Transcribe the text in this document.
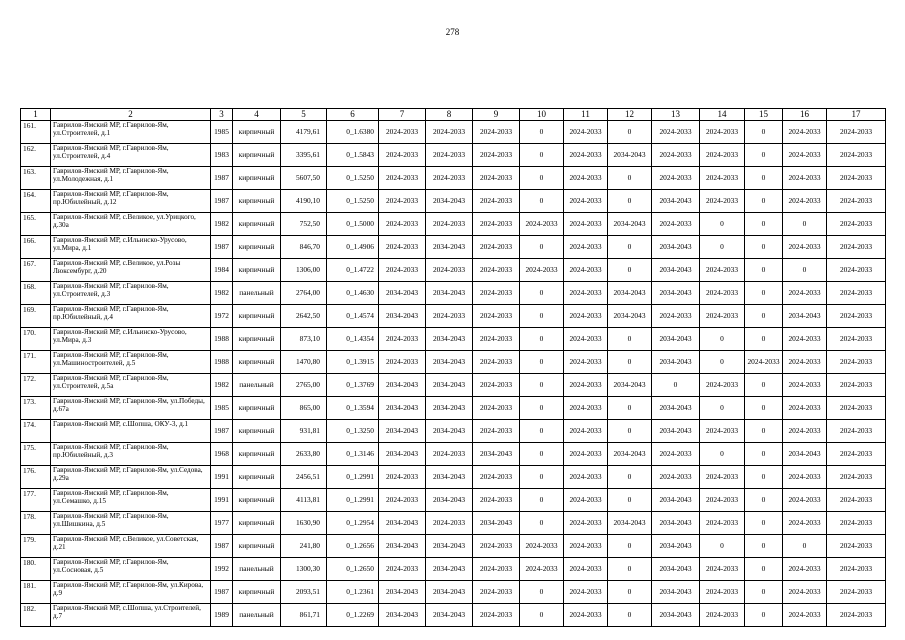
278
1	2	3	4	5	6	7	8	9	10	11	12	13	14	15	16	17
161.	Гаврилов-Ямский МР, г.Гаврилов-Ям, ул.Строителей, д.1	1985	кирпичный	4179,61	0_1.6380	2024-2033	2024-2033	2024-2033	0	2024-2033	0	2024-2033	2024-2033	0	2024-2033	2024-2033
162.	Гаврилов-Ямский МР, г.Гаврилов-Ям, ул.Строителей, д.4	1983	кирпичный	3395,61	0_1.5843	2024-2033	2024-2033	2024-2033	0	2024-2033	2034-2043	2024-2033	2024-2033	0	2024-2033	2024-2033
163.	Гаврилов-Ямский МР, г.Гаврилов-Ям, ул.Молодежная, д.1	1987	кирпичный	5607,50	0_1.5250	2024-2033	2024-2033	2024-2033	0	2024-2033	0	2024-2033	2024-2033	0	2024-2033	2024-2033
164.	Гаврилов-Ямский МР, г.Гаврилов-Ям, пр.Юбилейный, д.12	1987	кирпичный	4190,10	0_1.5250	2024-2033	2034-2043	2024-2033	0	2024-2033	0	2034-2043	2024-2033	0	2024-2033	2024-2033
165.	Гаврилов-Ямский МР, с.Великое, ул.Урицкого, д.30а	1982	кирпичный	752,50	0_1.5000	2024-2033	2024-2033	2024-2033	2024-2033	2024-2033	2034-2043	2024-2033	0	0	0	2024-2033
166.	Гаврилов-Ямский МР, с.Ильинско-Урусово, ул.Мира, д.1	1987	кирпичный	846,70	0_1.4906	2024-2033	2034-2043	2024-2033	0	2024-2033	0	2034-2043	0	0	2024-2033	2024-2033
167.	Гаврилов-Ямский МР, с.Великое, ул.Розы Люксембург, д.20	1984	кирпичный	1306,00	0_1.4722	2024-2033	2024-2033	2024-2033	2024-2033	2024-2033	0	2034-2043	2024-2033	0	0	2024-2033
168.	Гаврилов-Ямский МР, г.Гаврилов-Ям, ул.Строителей, д.3	1982	панельный	2764,00	0_1.4630	2034-2043	2034-2043	2024-2033	0	2024-2033	2034-2043	2034-2043	2024-2033	0	2024-2033	2024-2033
169.	Гаврилов-Ямский МР, г.Гаврилов-Ям, пр.Юбилейный, д.4	1972	кирпичный	2642,50	0_1.4574	2034-2043	2024-2033	2024-2033	0	2024-2033	2034-2043	2024-2033	2024-2033	0	2034-2043	2024-2033
170.	Гаврилов-Ямский МР, с.Ильинско-Урусово, ул.Мира, д.3	1988	кирпичный	873,10	0_1.4354	2024-2033	2034-2043	2024-2033	0	2024-2033	0	2034-2043	0	0	2024-2033	2024-2033
171.	Гаврилов-Ямский МР, г.Гаврилов-Ям, ул.Машиностроителей, д.5	1988	кирпичный	1470,80	0_1.3915	2024-2033	2034-2043	2024-2033	0	2024-2033	0	2034-2043	0	2024-2033	2024-2033	2024-2033
172.	Гаврилов-Ямский МР, г.Гаврилов-Ям, ул.Строителей, д.5а	1982	панельный	2765,00	0_1.3769	2034-2043	2034-2043	2024-2033	0	2024-2033	2034-2043	0	2024-2033	0	2024-2033	2024-2033
173.	Гаврилов-Ямский МР, г.Гаврилов-Ям, ул.Победы, д.67а	1985	кирпичный	865,00	0_1.3594	2034-2043	2034-2043	2024-2033	0	2024-2033	0	2034-2043	0	0	2024-2033	2024-2033
174.	Гаврилов-Ямский МР, с.Шопша, ОКУ-3, д.1	1987	кирпичный	931,81	0_1.3250	2034-2043	2034-2043	2024-2033	0	2024-2033	0	2034-2043	2024-2033	0	2024-2033	2024-2033
175.	Гаврилов-Ямский МР, г.Гаврилов-Ям, пр.Юбилейный, д.3	1968	кирпичный	2633,80	0_1.3146	2034-2043	2024-2033	2034-2043	0	2024-2033	2034-2043	2024-2033	0	0	2034-2043	2024-2033
176.	Гаврилов-Ямский МР, г.Гаврилов-Ям, ул.Седова, д.29а	1991	кирпичный	2456,51	0_1.2991	2024-2033	2034-2043	2024-2033	0	2024-2033	0	2024-2033	2024-2033	0	2024-2033	2024-2033
177.	Гаврилов-Ямский МР, г.Гаврилов-Ям, ул.Семашко, д.15	1991	кирпичный	4113,81	0_1.2991	2024-2033	2034-2043	2024-2033	0	2024-2033	0	2034-2043	2024-2033	0	2024-2033	2024-2033
178.	Гаврилов-Ямский МР, г.Гаврилов-Ям, ул.Шишкина, д.5	1977	кирпичный	1630,90	0_1.2954	2034-2043	2024-2033	2034-2043	0	2024-2033	2034-2043	2034-2043	2024-2033	0	2024-2033	2024-2033
179.	Гаврилов-Ямский МР, с.Великое, ул.Советская, д.21	1987	кирпичный	241,80	0_1.2656	2034-2043	2034-2043	2024-2033	2024-2033	2024-2033	0	2034-2043	0	0	0	2024-2033
180.	Гаврилов-Ямский МР, г.Гаврилов-Ям, ул.Сосновая, д.5	1992	панельный	1300,30	0_1.2650	2024-2033	2034-2043	2024-2033	2024-2033	2024-2033	0	2034-2043	2024-2033	0	2024-2033	2024-2033
181.	Гаврилов-Ямский МР, г.Гаврилов-Ям, ул.Кирова, д.9	1987	кирпичный	2093,51	0_1.2361	2034-2043	2034-2043	2024-2033	0	2024-2033	0	2034-2043	2024-2033	0	2024-2033	2024-2033
182.	Гаврилов-Ямский МР, с.Шопша, ул.Строителей, д.7	1989	панельный	861,71	0_1.2269	2034-2043	2034-2043	2024-2033	0	2024-2033	0	2034-2043	2024-2033	0	2024-2033	2024-2033
